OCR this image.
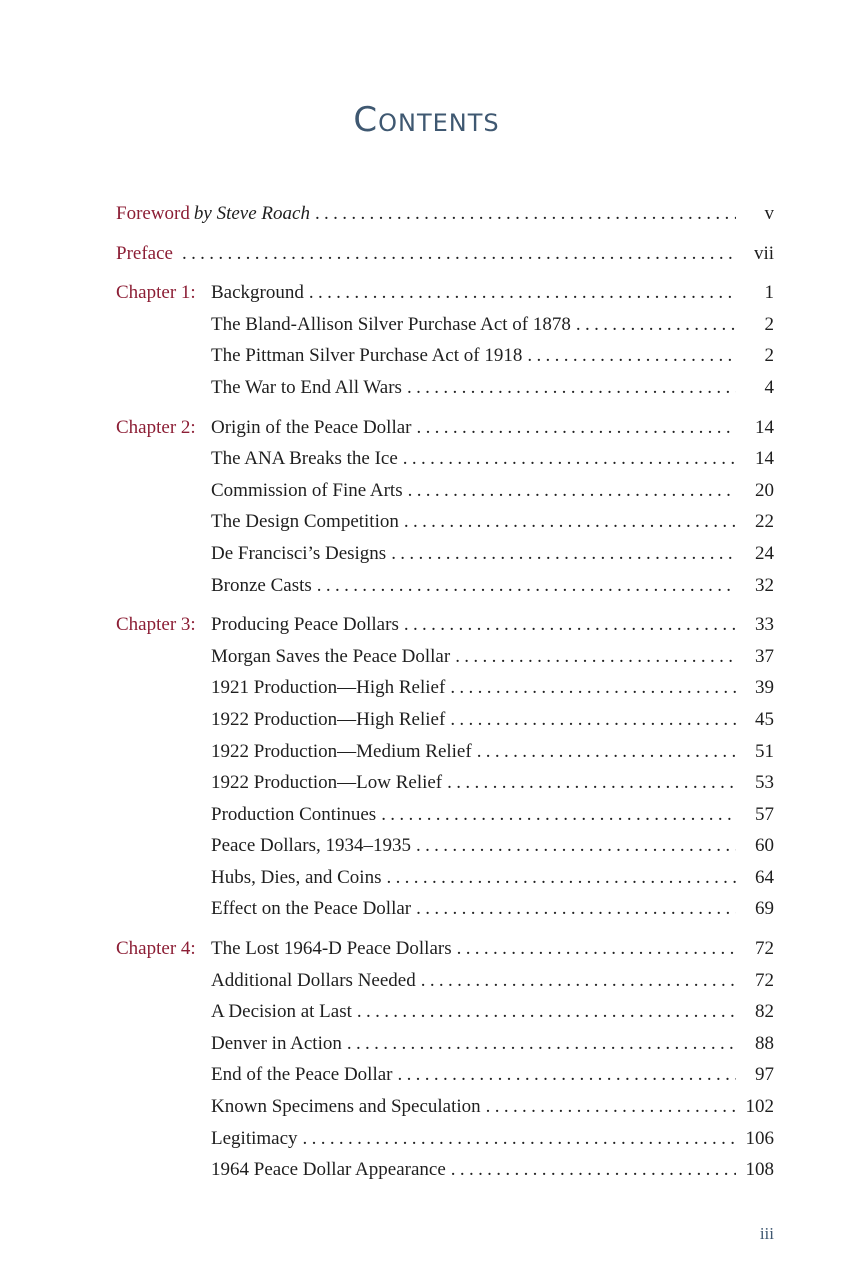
Contents
Foreword by Steve Roach . . .	v
Preface . . .	vii
Chapter 1: Background . . .	1
The Bland-Allison Silver Purchase Act of 1878 . . .	2
The Pittman Silver Purchase Act of 1918 . . .	2
The War to End All Wars . . .	4
Chapter 2: Origin of the Peace Dollar . . .	14
The ANA Breaks the Ice . . .	14
Commission of Fine Arts . . .	20
The Design Competition . . .	22
De Francisci’s Designs . . .	24
Bronze Casts . . .	32
Chapter 3: Producing Peace Dollars . . .	33
Morgan Saves the Peace Dollar . . .	37
1921 Production—High Relief . . .	39
1922 Production—High Relief . . .	45
1922 Production—Medium Relief . . .	51
1922 Production—Low Relief . . .	53
Production Continues . . .	57
Peace Dollars, 1934–1935 . . .	60
Hubs, Dies, and Coins . . .	64
Effect on the Peace Dollar . . .	69
Chapter 4: The Lost 1964-D Peace Dollars . . .	72
Additional Dollars Needed . . .	72
A Decision at Last . . .	82
Denver in Action . . .	88
End of the Peace Dollar . . .	97
Known Specimens and Speculation . . .	102
Legitimacy . . .	106
1964 Peace Dollar Appearance . . .	108
iii
